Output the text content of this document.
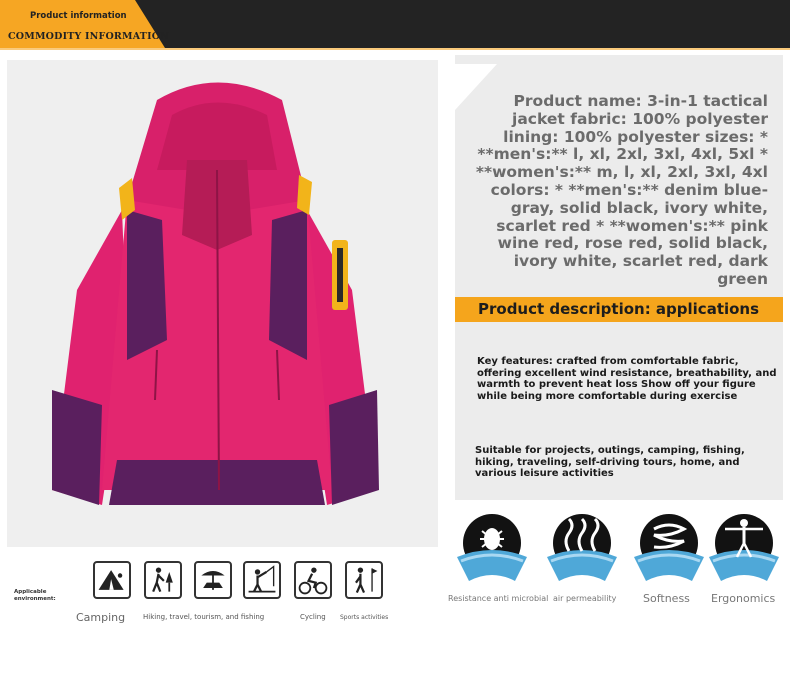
Product information
COMMODITY INFORMATION
Product name: 3-in-1 tactical jacket fabric: 100% polyester lining: 100% polyester sizes: * **men's:** l, xl, 2xl, 3xl, 4xl, 5xl * **women's:** m, l, xl, 2xl, 3xl, 4xl colors: * **men's:** denim blue-gray, solid black, ivory white, scarlet red * **women's:** pink wine red, rose red, solid black, ivory white, scarlet red, dark green
Product description: applications
Key features: crafted from comfortable fabric, offering excellent wind resistance, breathability, and warmth to prevent heat loss Show off your figure while being more comfortable during exercise
Suitable for projects, outings, camping, fishing, hiking, traveling, self-driving tours, home, and various leisure activities
Resistance anti microbial air permeability Softness Ergonomics
Applicable environment:
Camping	Hiking, travel, tourism, and fishing	Cycling Sports activities
